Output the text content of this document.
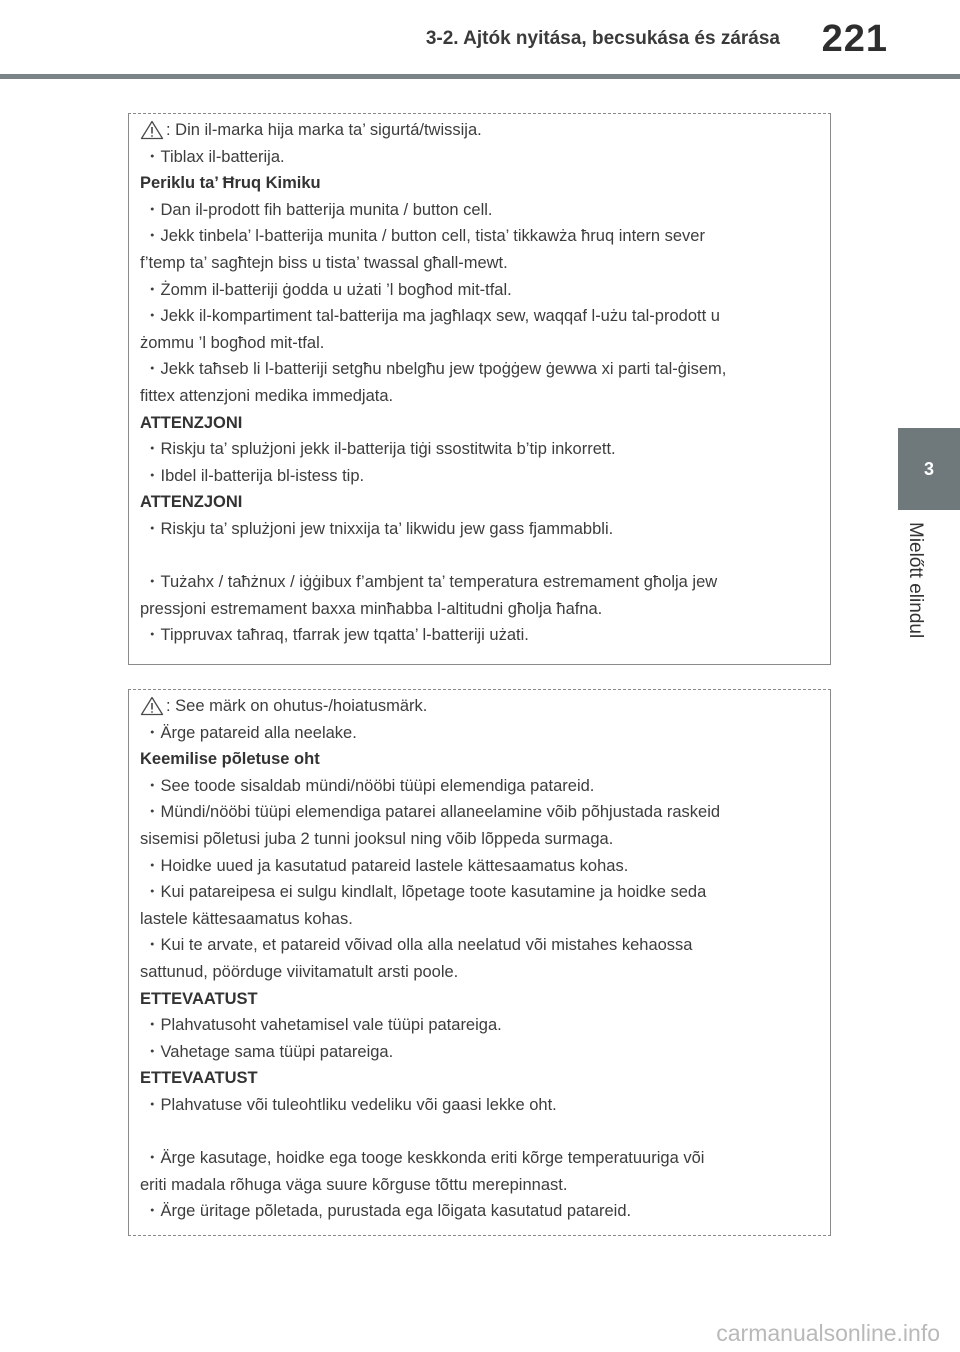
3-2. Ajtók nyitása, becsukása és zárása 221
3
Mielőtt elindul
: Din il-marka hija marka ta’ sigurtá/twissija.
・Tiblax il-batterija.
Periklu ta’ Ħruq Kimiku
・Dan il-prodott fih batterija munita / button cell.
・Jekk tinbela’ l-batterija munita / button cell, tista’ tikkawża ħruq intern sever
f’temp ta’ sagħtejn biss u tista’ twassal għall-mewt.
・Żomm il-batteriji ġodda u użati ’l bogħod mit-tfal.
・Jekk il-kompartiment tal-batterija ma jagħlaqx sew, waqqaf l-użu tal-prodott u
żommu ’l bogħod mit-tfal.
・Jekk taħseb li l-batteriji setgħu nbelgħu jew tpoġġew ġewwa xi parti tal-ġisem,
fittex attenzjoni medika immedjata.
ATTENZJONI
・Riskju ta’ splużjoni jekk il-batterija tiġi ssostitwita b’tip inkorrett.
・Ibdel il-batterija bl-istess tip.
ATTENZJONI
・Riskju ta’ splużjoni jew tnixxija ta’ likwidu jew gass fjammabbli.
・Tużahx / taħżnux / iġġibux f’ambjent ta’ temperatura estremament għolja jew
pressjoni estremament baxxa minħabba l-altitudni għolja ħafna.
・Tippruvax taħraq, tfarrak jew tqatta’ l-batteriji użati.
: See märk on ohutus-/hoiatusmärk.
・Ärge patareid alla neelake.
Keemilise põletuse oht
・See toode sisaldab mündi/nööbi tüüpi elemendiga patareid.
・Mündi/nööbi tüüpi elemendiga patarei allaneelamine võib põhjustada raskeid
sisemisi põletusi juba 2 tunni jooksul ning võib lõppeda surmaga.
・Hoidke uued ja kasutatud patareid lastele kättesaamatus kohas.
・Kui patareipesa ei sulgu kindlalt, lõpetage toote kasutamine ja hoidke seda
lastele kättesaamatus kohas.
・Kui te arvate, et patareid võivad olla alla neelatud või mistahes kehaossa
sattunud, pöörduge viivitamatult arsti poole.
ETTEVAATUST
・Plahvatusoht vahetamisel vale tüüpi patareiga.
・Vahetage sama tüüpi patareiga.
ETTEVAATUST
・Plahvatuse või tuleohtliku vedeliku või gaasi lekke oht.
・Ärge kasutage, hoidke ega tooge keskkonda eriti kõrge temperatuuriga või
eriti madala rõhuga väga suure kõrguse tõttu merepinnast.
・Ärge üritage põletada, purustada ega lõigata kasutatud patareid.
carmanualsonline.info
